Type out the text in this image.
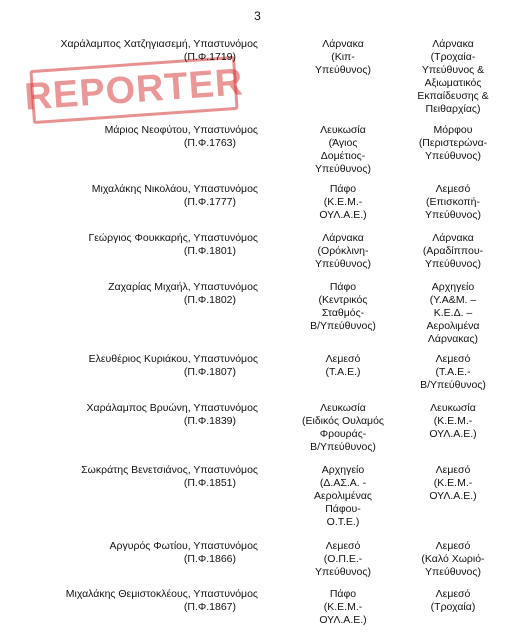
3
REPORTER
Χαράλαμπος Χατζηγιασεμή, Υπαστυνόμος
(Π.Φ.1719)
Λάρνακα
(Κιπ-
Υπεύθυνος)
Λάρνακα
(Τροχαία-
Υπεύθυνος &
Αξιωματικός
Εκπαίδευσης &
Πειθαρχίας)
Μάριος Νεοφύτου, Υπαστυνόμος
(Π.Φ.1763)
Λευκωσία
(Άγιος
Δομέτιος-
Υπεύθυνος)
Μόρφου
(Περιστερώνα-
Υπεύθυνος)
Μιχαλάκης Νικολάου, Υπαστυνόμος
(Π.Φ.1777)
Πάφο
(Κ.Ε.Μ.-
ΟΥΛ.Α.Ε.)
Λεμεσό
(Επισκοπή-
Υπεύθυνος)
Γεώργιος Φουκκαρής, Υπαστυνόμος
(Π.Φ.1801)
Λάρνακα
(Ορόκλινη-
Υπεύθυνος)
Λάρνακα
(Αραδίππου-
Υπεύθυνος)
Ζαχαρίας Μιχαήλ, Υπαστυνόμος
(Π.Φ.1802)
Πάφο
(Κεντρικός
Σταθμός-
Β/Υπεύθυνος)
Αρχηγείο
(Υ.Α&Μ. –
Κ.Ε.Δ. –
Αερολιμένα
Λάρνακας)
Ελευθέριος Κυριάκου, Υπαστυνόμος
(Π.Φ.1807)
Λεμεσό
(Τ.Α.Ε.)
Λεμεσό
(Τ.Α.Ε.-
Β/Υπεύθυνος)
Χαράλαμπος Βρυώνη, Υπαστυνόμος
(Π.Φ.1839)
Λευκωσία
(Ειδικός Ουλαμός
Φρουράς-
Β/Υπεύθυνος)
Λευκωσία
(Κ.Ε.Μ.-
ΟΥΛ.Α.Ε.)
Σωκράτης Βενετσιάνος, Υπαστυνόμος
(Π.Φ.1851)
Αρχηγείο
(Δ.ΑΣ.Α. -
Αερολιμένας
Πάφου-
Ο.Τ.Ε.)
Λεμεσό
(Κ.Ε.Μ.-
ΟΥΛ.Α.Ε.)
Αργυρός Φωτίου, Υπαστυνόμος
(Π.Φ.1866)
Λεμεσό
(Ο.Π.Ε.-
Υπεύθυνος)
Λεμεσό
(Καλό Χωριό-
Υπεύθυνος)
Μιχαλάκης Θεμιστοκλέους, Υπαστυνόμος
(Π.Φ.1867)
Πάφο
(Κ.Ε.Μ.-
ΟΥΛ.Α.Ε.)
Λεμεσό
(Τροχαία)
